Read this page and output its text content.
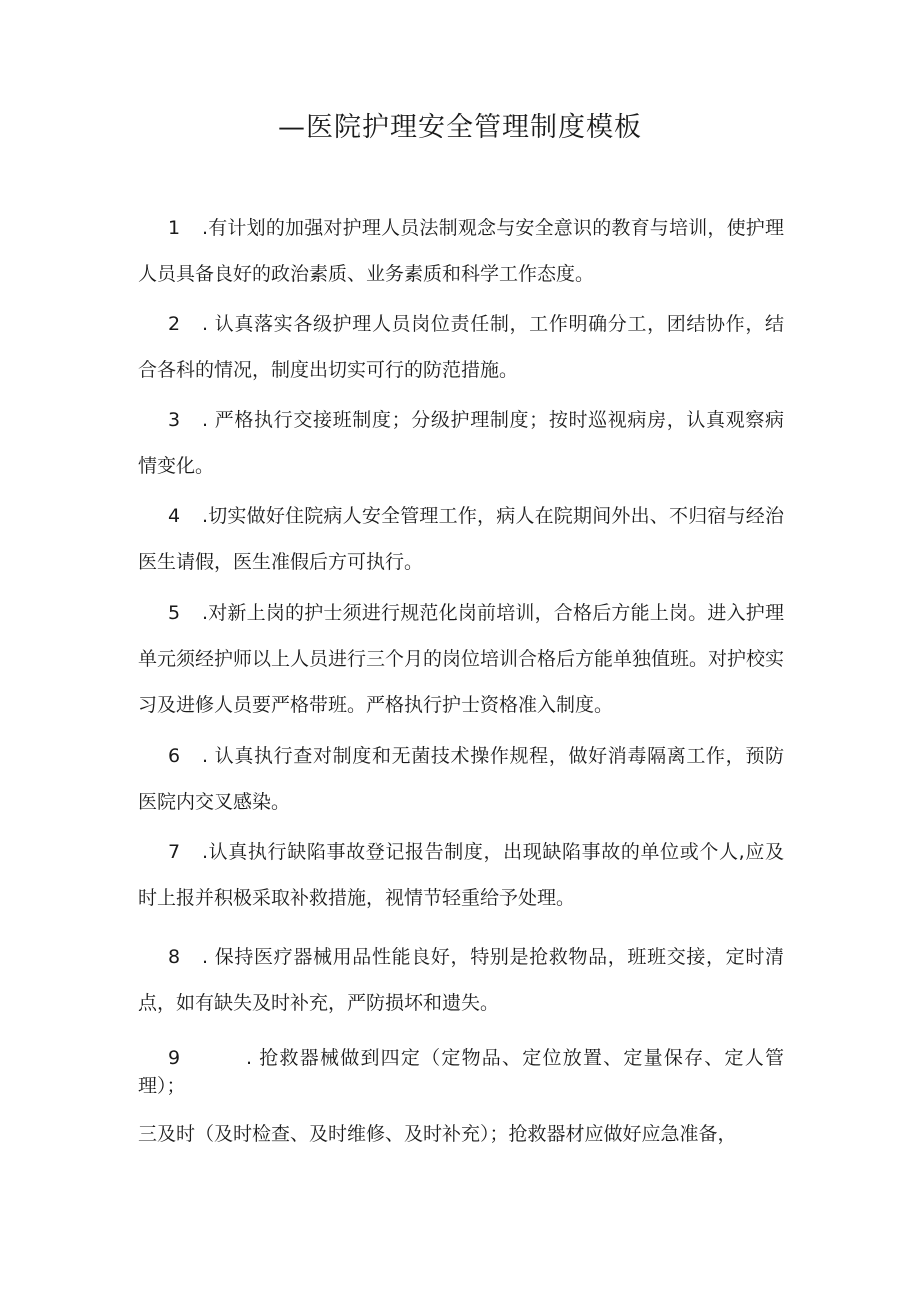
—医院护理安全管理制度模板

1 .有计划的加强对护理人员法制观念与安全意识的教育与培训，使护理人员具备良好的政治素质、业务素质和科学工作态度。

2 . 认真落实各级护理人员岗位责任制，工作明确分工，团结协作，结合各科的情况，制度出切实可行的防范措施。

3 . 严格执行交接班制度；分级护理制度；按时巡视病房，认真观察病情变化。

4 .切实做好住院病人安全管理工作，病人在院期间外出、不归宿与经治医生请假，医生准假后方可执行。

5 .对新上岗的护士须进行规范化岗前培训，合格后方能上岗。进入护理单元须经护师以上人员进行三个月的岗位培训合格后方能单独值班。对护校实习及进修人员要严格带班。严格执行护士资格准入制度。

6 . 认真执行查对制度和无菌技术操作规程，做好消毒隔离工作，预防医院内交叉感染。

7 .认真执行缺陷事故登记报告制度，出现缺陷事故的单位或个人,应及时上报并积极采取补救措施，视情节轻重给予处理。

8 . 保持医疗器械用品性能良好，特别是抢救物品，班班交接，定时清点，如有缺失及时补充，严防损坏和遗失。

9	. 抢救器械做到四定（定物品、定位放置、定量保存、定人管理）；

三及时（及时检查、及时维修、及时补充）；抢救器材应做好应急准备，
